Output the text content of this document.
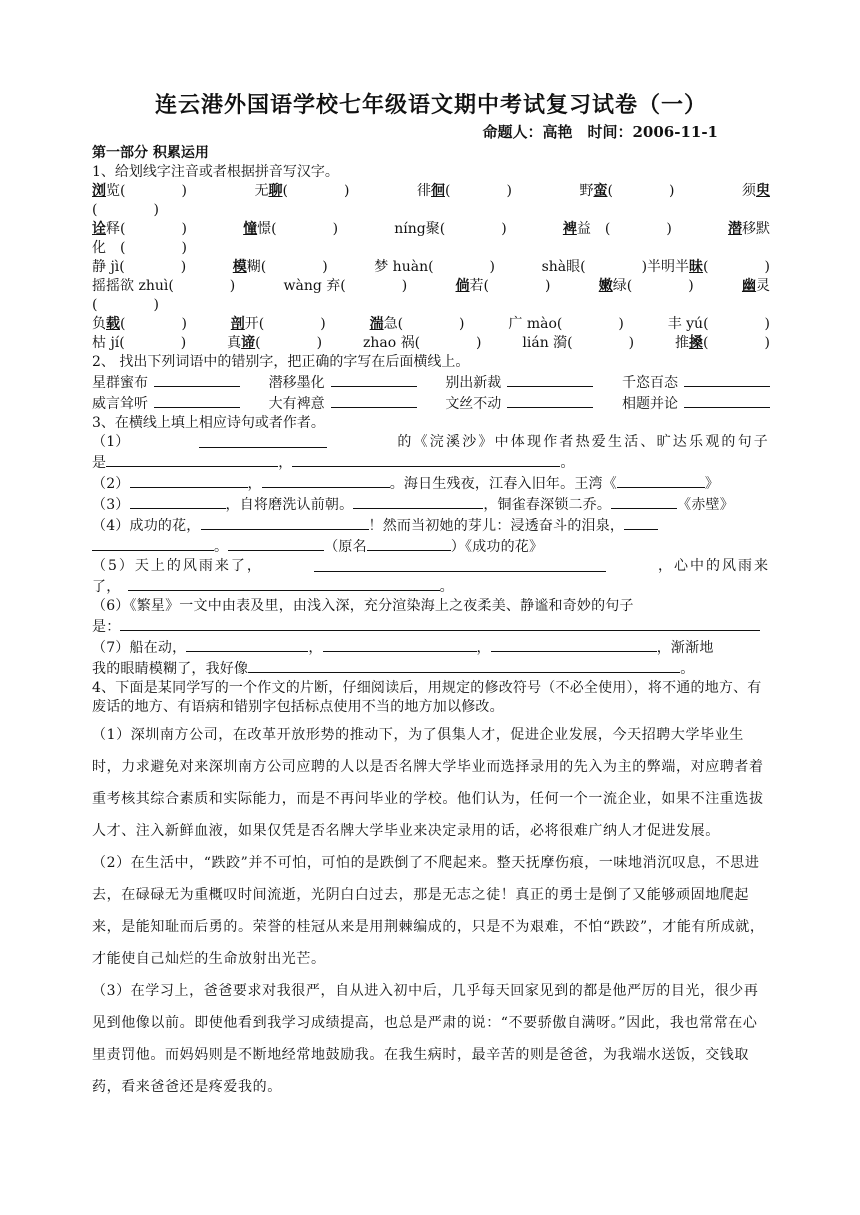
连云港外国语学校七年级语文期中考试复习试卷（一）
命题人：高艳　时间：2006-11-1
第一部分 积累运用
1、给划线字注音或者根据拼音写汉字。
浏览(　　　　)	无聊(　　　　)	徘徊(　　　　)	野蛮(　　　　)	须臾
(　　　　)
诠释(　　　　)	憧憬(　　　　)	níng聚(　　　　)	裨益　(　　　　)	潜移默
化　(　　　　)
静 jì(　　　　)	模糊(　　　　)	梦 huàn(　　　　)	shà眼(　　　　)半明半昧(　　　　)
摇摇欲 zhuì(　　　　)	wàng 弃(　　　　)	倘若(　　　　)	嫩绿(　　　　)	幽灵
(　　　　)
负载(　　　　)	剖开(　　　　)	湍急(　　　　)	广 mào(　　　　)	丰 yú(　　　　)
枯 jí(　　　　)	真谛(　　　　)	zhao 祸(　　　　)	lián 漪(　　　　)	推搡(　　　　)
2、 找出下列词语中的错别字，把正确的字写在后面横线上。
星群蜜布	潜移墨化	别出新裁	千恣百态
威言耸听	大有裨意	文丝不动	相题并论
3、在横线上填上相应诗句或者作者。
（1）	的《浣溪沙》中体现作者热爱生活、旷达乐观的句子
是	，	。
（2）	，	。海日生残夜，江春入旧年。王湾《	》
（3）	，自将磨洗认前朝。	，铜雀春深锁二乔。	《赤壁》
（4）成功的花，	！然而当初她的芽儿：浸透奋斗的泪泉，
。	（原名	）《成功的花》
（5）天上的风雨来了，	，心中的风雨来
了，　	。
（6）《繁星》一文中由表及里，由浅入深，充分渲染海上之夜柔美、静谧和奇妙的句子
是：
（7）船在动，	，	，	，渐渐地
我的眼睛模糊了，我好像	。
4、下面是某同学写的一个作文的片断，仔细阅读后，用规定的修改符号（不必全使用），将不通的地方、有废话的地方、有语病和错别字包括标点使用不当的地方加以修改。

（1）深圳南方公司，在改革开放形势的推动下，为了俱集人才，促进企业发展，今天招聘大学毕业生时，力求避免对来深圳南方公司应聘的人以是否名牌大学毕业而选择录用的先入为主的弊端，对应聘者着重考核其综合素质和实际能力，而是不再问毕业的学校。他们认为，任何一个一流企业，如果不注重选拔人才、注入新鲜血液，如果仅凭是否名牌大学毕业来决定录用的话，必将很难广纳人才促进发展。

（2）在生活中，“跌跤”并不可怕，可怕的是跌倒了不爬起来。整天抚摩伤痕，一味地消沉叹息，不思进去，在碌碌无为重概叹时间流逝，光阴白白过去，那是无志之徒！真正的勇士是倒了又能够顽固地爬起来，是能知耻而后勇的。荣誉的桂冠从来是用荆棘编成的，只是不为艰难，不怕“跌跤”，才能有所成就，才能使自己灿烂的生命放射出光芒。

（3）在学习上，爸爸要求对我很严，自从进入初中后，几乎每天回家见到的都是他严厉的目光，很少再见到他像以前。即使他看到我学习成绩提高，也总是严肃的说：“不要骄傲自满呀。”因此，我也常常在心里责罚他。而妈妈则是不断地经常地鼓励我。在我生病时，最辛苦的则是爸爸，为我端水送饭，交钱取药，看来爸爸还是疼爱我的。
